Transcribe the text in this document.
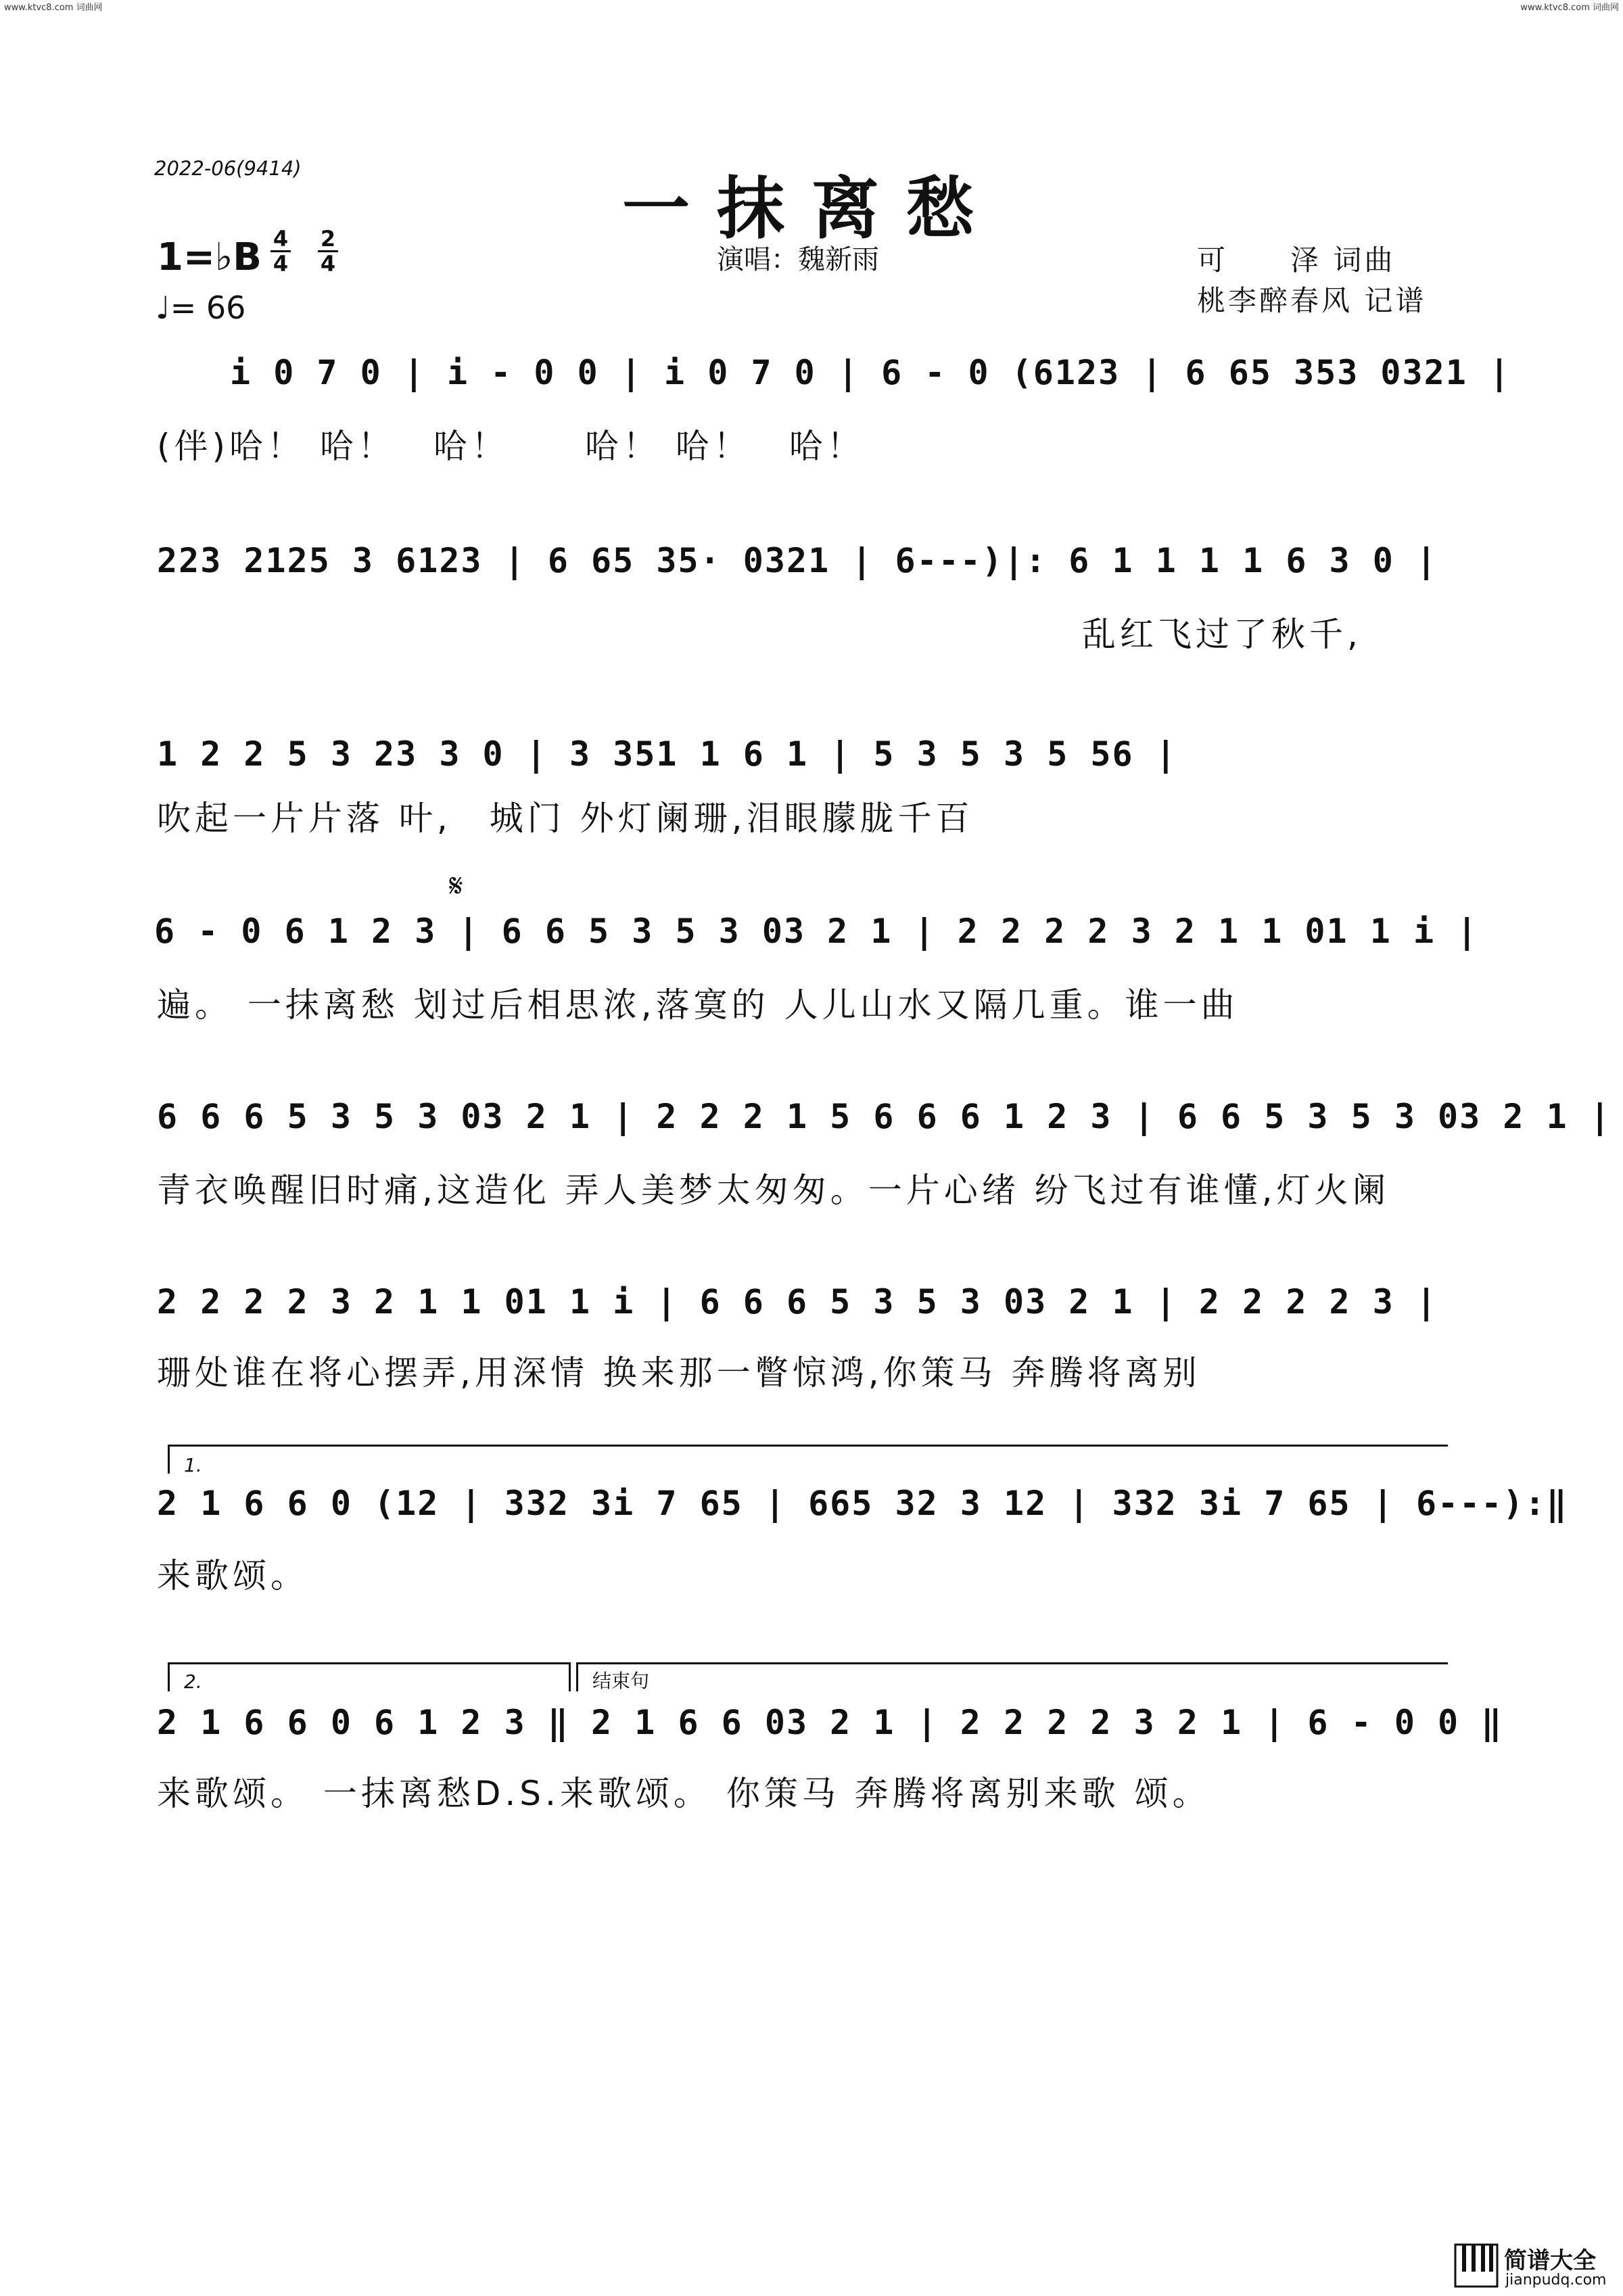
www.ktvc8.com 词曲网	www.ktvc8.com 词曲网
2022-06(9414)	一抹离愁
演唱：魏新雨	可　　泽 词曲
桃李醉春风 记谱
1=♭B 4
4
2
4
♩= 66
i 0 7 0 | i - 0 0 | i 0 7 0 | 6 - 0 (6123 | 6 65 353 0321 |
(伴)哈！ 哈！　哈！　　哈！ 哈！　哈！
223 2125 3 6123 | 6 65 35· 0321 | 6---)|: 6 1 1 1 1 6 3 0 |
乱红飞过了秋千,
1 2 2 5 3 23 3 0 | 3 351 1 6 1 | 5 3 5 3 5 56 |
吹起一片片落 叶,　城门 外灯阑珊,泪眼朦胧千百
𝄋
6 - 0 6 1 2 3 | 6 6 5 3 5 3 03 2 1 | 2 2 2 2 3 2 1 1 01 1 i |
遍。 一抹离愁 划过后相思浓,落寞的 人儿山水又隔几重。谁一曲
6 6 6 5 3 5 3 03 2 1 | 2 2 2 1 5 6 6 6 1 2 3 | 6 6 5 3 5 3 03 2 1 |
青衣唤醒旧时痛,这造化 弄人美梦太匆匆。一片心绪 纷飞过有谁懂,灯火阑
2 2 2 2 3 2 1 1 01 1 i | 6 6 6 5 3 5 3 03 2 1 | 2 2 2 2 3 |
珊处谁在将心摆弄,用深情 换来那一瞥惊鸿,你策马 奔腾将离别
1.
2 1 6 6 0 (12 | 332 3i 7 65 | 665 32 3 12 | 332 3i 7 65 | 6---):‖
来歌颂。
2.	结束句
2 1 6 6 0 6 1 2 3 ‖ 2 1 6 6 03 2 1 | 2 2 2 2 3 2 1 | 6 - 0 0 ‖
来歌颂。 一抹离愁D.S.来歌颂。 你策马 奔腾将离别来歌 颂。
简谱大全
jianpudq.com
